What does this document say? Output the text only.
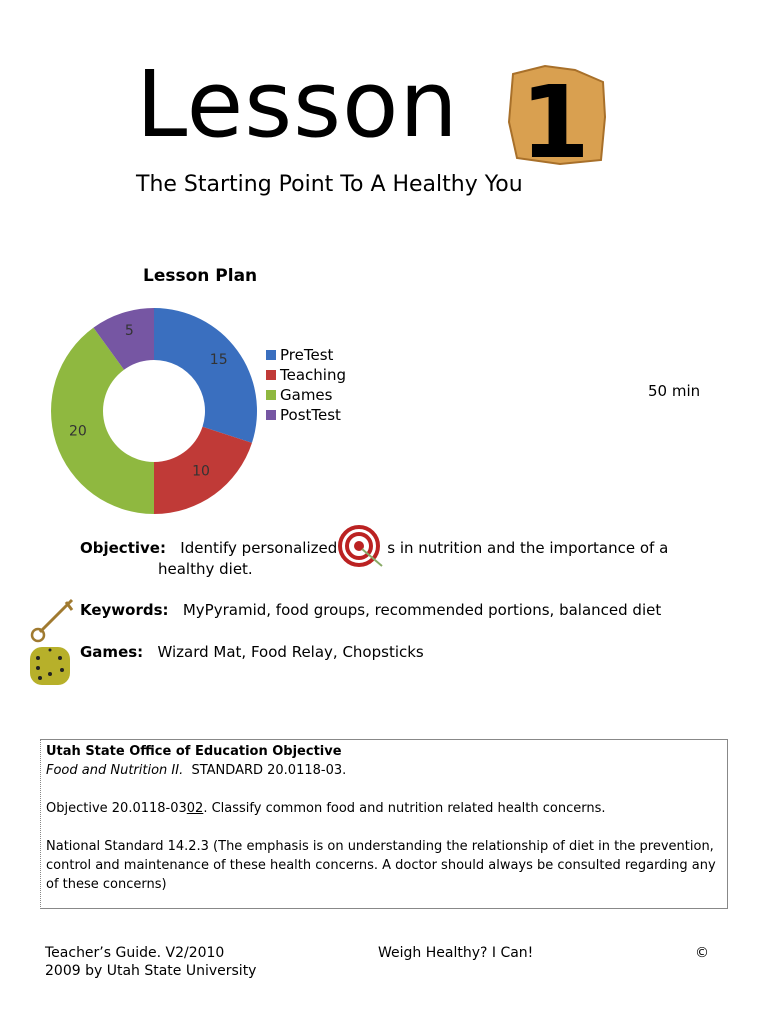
Lesson 1
The Starting Point To A Healthy You
Lesson Plan
15
10
20
5
PreTest
Teaching
Games
PostTest
50 min
Objective: Identify personalized	s in nutrition and the importance of a
healthy diet.
Keywords: MyPyramid, food groups, recommended portions, balanced diet
Games: Wizard Mat, Food Relay, Chopsticks

Utah State Office of Education Objective

Food and Nutrition II. STANDARD 20.0118-03.

Objective 20.0118-0302. Classify common food and nutrition related health concerns.

National Standard 14.2.3 (The emphasis is on understanding the relationship of diet in the prevention, control and maintenance of these health concerns. A doctor should always be consulted regarding any of these concerns)

Teacher’s Guide. V2/2010
2009 by Utah State University
Weigh Healthy? I Can!	©
